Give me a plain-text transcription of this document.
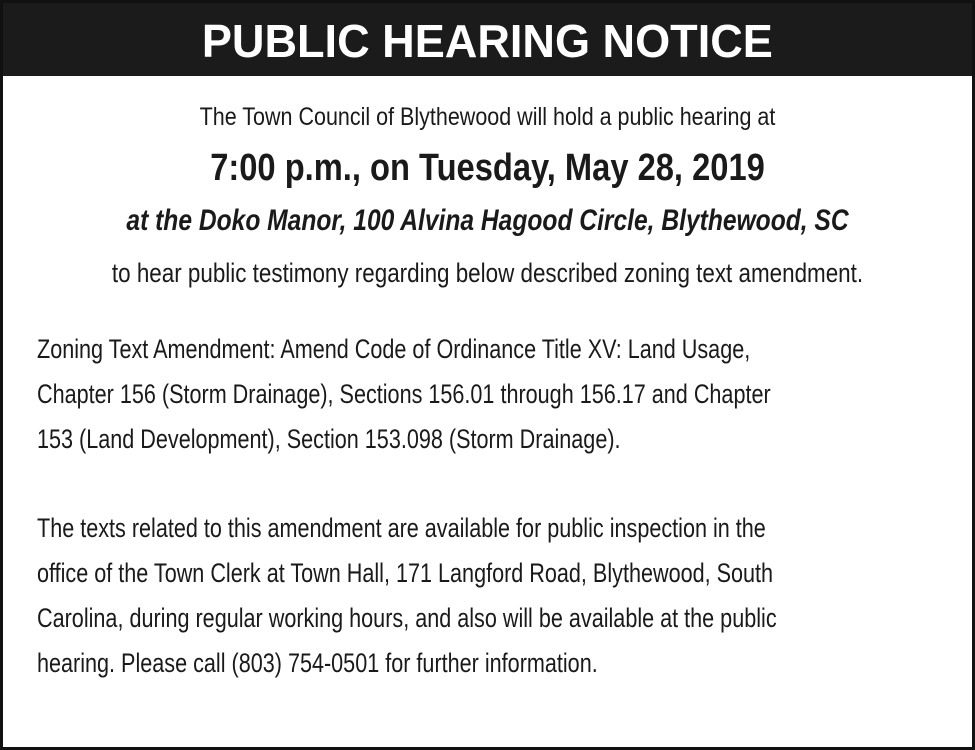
PUBLIC HEARING NOTICE
The Town Council of Blythewood will hold a public hearing at
7:00 p.m., on Tuesday, May 28, 2019
at the Doko Manor, 100 Alvina Hagood Circle, Blythewood, SC
to hear public testimony regarding below described zoning text amendment.
Zoning Text Amendment: Amend Code of Ordinance Title XV: Land Usage,
Chapter 156 (Storm Drainage), Sections 156.01 through 156.17 and Chapter
153 (Land Development), Section 153.098 (Storm Drainage).
The texts related to this amendment are available for public inspection in the
office of the Town Clerk at Town Hall, 171 Langford Road, Blythewood, South
Carolina, during regular working hours, and also will be available at the public
hearing. Please call (803) 754-0501 for further information.
